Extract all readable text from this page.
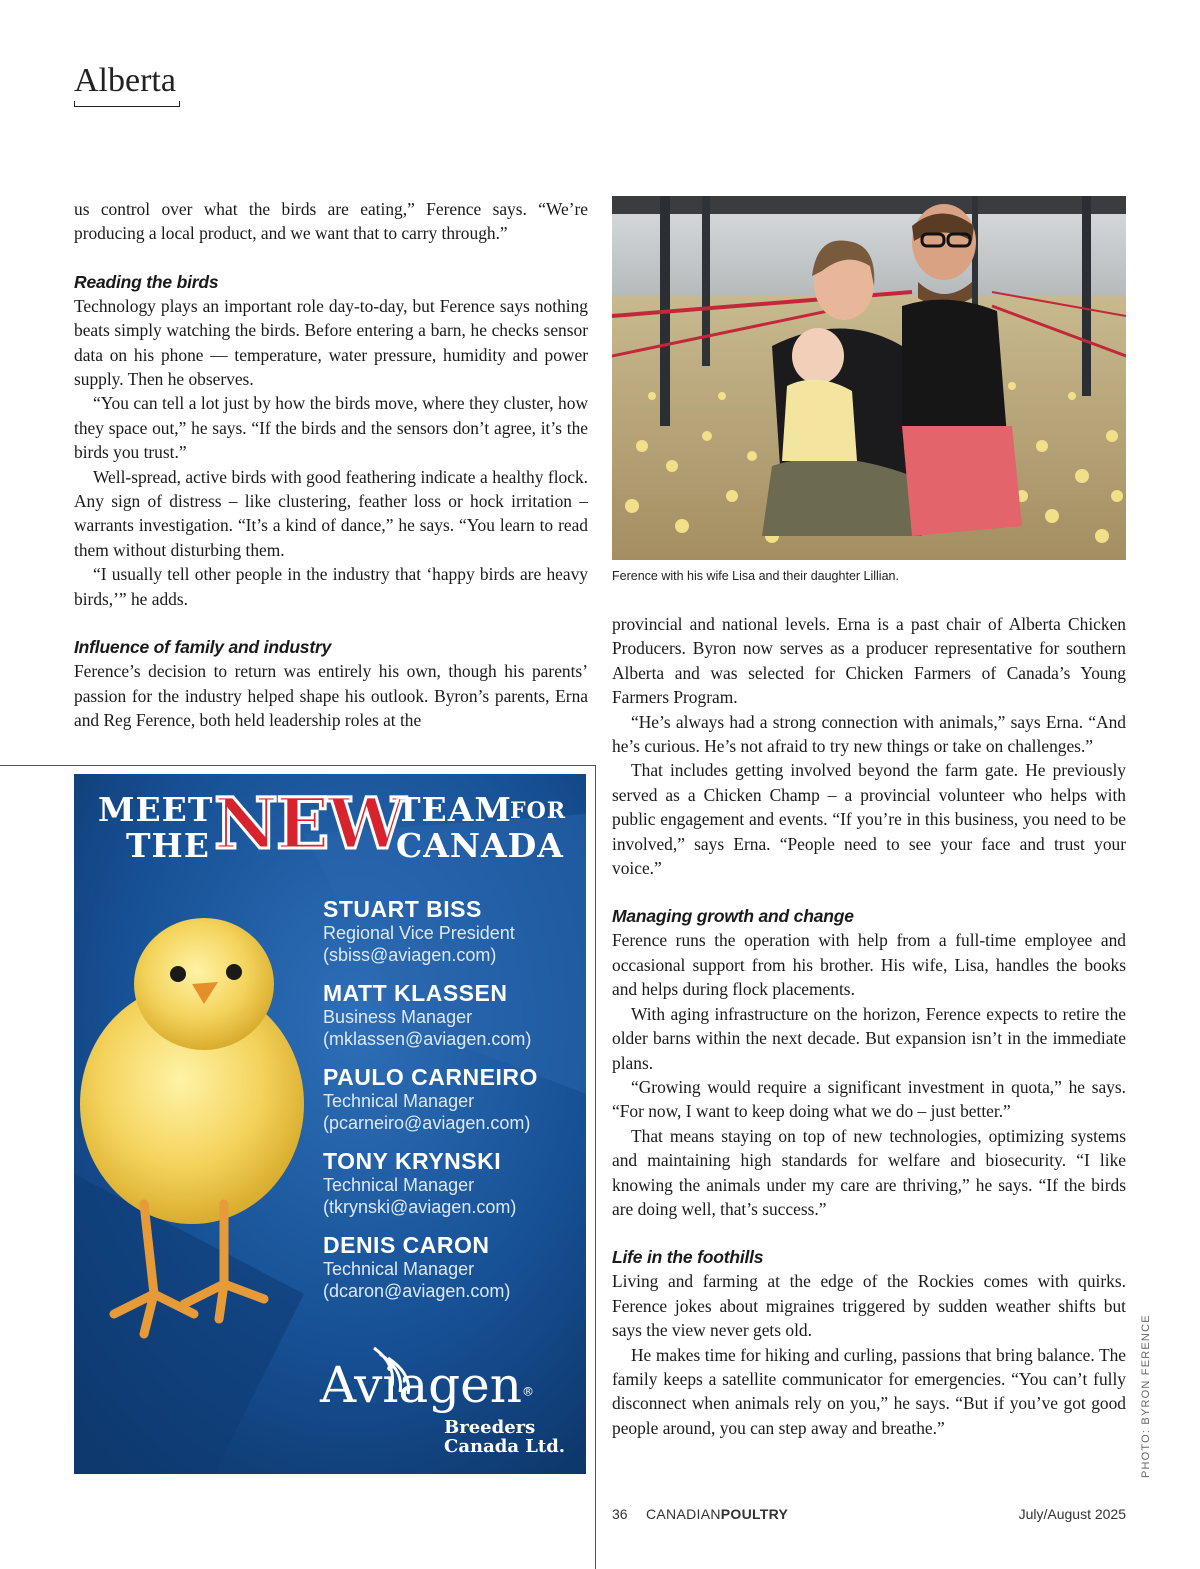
Alberta

us control over what the birds are eating,” Ference says. “We’re producing a local product, and we want that to carry through.”

Reading the birds

Technology plays an important role day-to-day, but Ference says nothing beats simply watching the birds. Before entering a barn, he checks sensor data on his phone — temperature, water pressure, humidity and power supply. Then he observes.

“You can tell a lot just by how the birds move, where they cluster, how they space out,” he says. “If the birds and the sensors don’t agree, it’s the birds you trust.”

Well-spread, active birds with good feathering indicate a healthy flock. Any sign of distress – like clustering, feather loss or hock irritation – warrants investigation. “It’s a kind of dance,” he says. “You learn to read them without disturbing them.

“I usually tell other people in the industry that ‘happy birds are heavy birds,’” he adds.

Influence of family and industry

Ference’s decision to return was entirely his own, though his parents’ passion for the industry helped shape his outlook. Byron’s parents, Erna and Reg Ference, both held leadership roles at the

Ference with his wife Lisa and their daughter Lillian.

provincial and national levels. Erna is a past chair of Alberta Chicken Producers. Byron now serves as a producer representative for southern Alberta and was selected for Chicken Farmers of Canada’s Young Farmers Program.

“He’s always had a strong connection with animals,” says Erna. “And he’s curious. He’s not afraid to try new things or take on challenges.”

That includes getting involved beyond the farm gate. He previously served as a Chicken Champ – a provincial volunteer who helps with public engagement and events. “If you’re in this business, you need to be involved,” says Erna. “People need to see your face and trust your voice.”

Managing growth and change

Ference runs the operation with help from a full-time employee and occasional support from his brother. His wife, Lisa, handles the books and helps during flock placements.

With aging infrastructure on the horizon, Ference expects to retire the older barns within the next decade. But expansion isn’t in the immediate plans.

“Growing would require a significant investment in quota,” he says. “For now, I want to keep doing what we do – just better.”

That means staying on top of new technologies, optimizing systems and maintaining high standards for welfare and biosecurity. “I like knowing the animals under my care are thriving,” he says. “If the birds are doing well, that’s success.”

Life in the foothills

Living and farming at the edge of the Rockies comes with quirks. Ference jokes about migraines triggered by sudden weather shifts but says the view never gets old.

He makes time for hiking and curling, passions that bring balance. The family keeps a satellite communicator for emergencies. “You can’t fully disconnect when animals rely on you,” he says. “But if you’ve got good people around, you can step away and breathe.”	PHOTO: BYRON FERENCE
MEET
THE NEW
TEAM
FOR
CANADA
STUART BISS
Regional Vice President
(sbiss@aviagen.com)
MATT KLASSEN
Business Manager
(mklassen@aviagen.com)
PAULO CARNEIRO
Technical Manager
(pcarneiro@aviagen.com)
TONY KRYNSKI
Technical Manager
(tkrynski@aviagen.com)
DENIS CARON
Technical Manager
(dcaron@aviagen.com)
Aviagen®
Breeders
Canada Ltd.
36 CANADIANPOULTRY	July/August 2025
